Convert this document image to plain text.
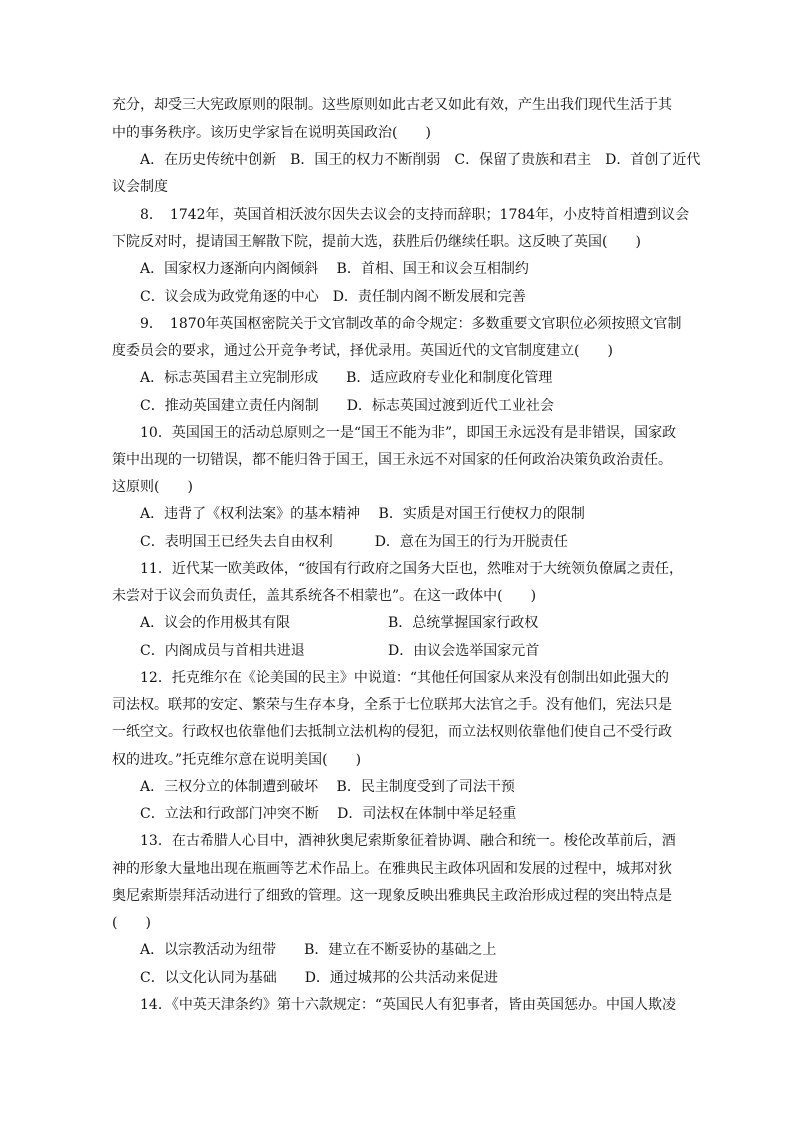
充分，却受三大宪政原则的限制。这些原则如此古老又如此有效，产生出我们现代生活于其
中的事务秩序。该历史学家旨在说明英国政治(　　)
A．在历史传统中创新　B．国王的权力不断削弱　C．保留了贵族和君主　D．首创了近代
议会制度
8．　1742年，英国首相沃波尔因失去议会的支持而辞职；1784年，小皮特首相遭到议会
下院反对时，提请国王解散下院，提前大选，获胜后仍继续任职。这反映了英国(　　)
A．国家权力逐渐向内阁倾斜　 B．首相、国王和议会互相制约
C．议会成为政党角逐的中心　D．责任制内阁不断发展和完善
9．　1870年英国枢密院关于文官制改革的命令规定：多数重要文官职位必须按照文官制
度委员会的要求，通过公开竞争考试，择优录用。英国近代的文官制度建立(　　)
A．标志英国君主立宪制形成　　B．适应政府专业化和制度化管理
C．推动英国建立责任内阁制　　D．标志英国过渡到近代工业社会
10．英国国王的活动总原则之一是“国王不能为非”，即国王永远没有是非错误，国家政
策中出现的一切错误，都不能归咎于国王，国王永远不对国家的任何政治决策负政治责任。
这原则(　　)
A．违背了《权利法案》的基本精神　 B．实质是对国王行使权力的限制
C．表明国王已经失去自由权利　　　D．意在为国王的行为开脱责任
11．近代某一欧美政体，“彼国有行政府之国务大臣也，然唯对于大统领负僚属之责任，
未尝对于议会而负责任，盖其系统各不相蒙也”。在这一政体中(　　)
A．议会的作用极其有限	B．总统掌握国家行政权
C．内阁成员与首相共进退	D．由议会选举国家元首
12．托克维尔在《论美国的民主》中说道：“其他任何国家从来没有创制出如此强大的
司法权。联邦的安定、繁荣与生存本身，全系于七位联邦大法官之手。没有他们，宪法只是
一纸空文。行政权也依靠他们去抵制立法机构的侵犯，而立法权则依靠他们使自己不受行政
权的进攻。”托克维尔意在说明美国(　　)
A．三权分立的体制遭到破坏　 B．民主制度受到了司法干预
C．立法和行政部门冲突不断　 D．司法权在体制中举足轻重
13．在古希腊人心目中，酒神狄奥尼索斯象征着协调、融合和统一。梭伦改革前后，酒
神的形象大量地出现在瓶画等艺术作品上。在雅典民主政体巩固和发展的过程中，城邦对狄
奥尼索斯崇拜活动进行了细致的管理。这一现象反映出雅典民主政治形成过程的突出特点是
(　　)
A．以宗教活动为纽带　　B．建立在不断妥协的基础之上
C．以文化认同为基础　　D．通过城邦的公共活动来促进
14．《中英天津条约》第十六款规定：“英国民人有犯事者，皆由英国惩办。中国人欺凌
